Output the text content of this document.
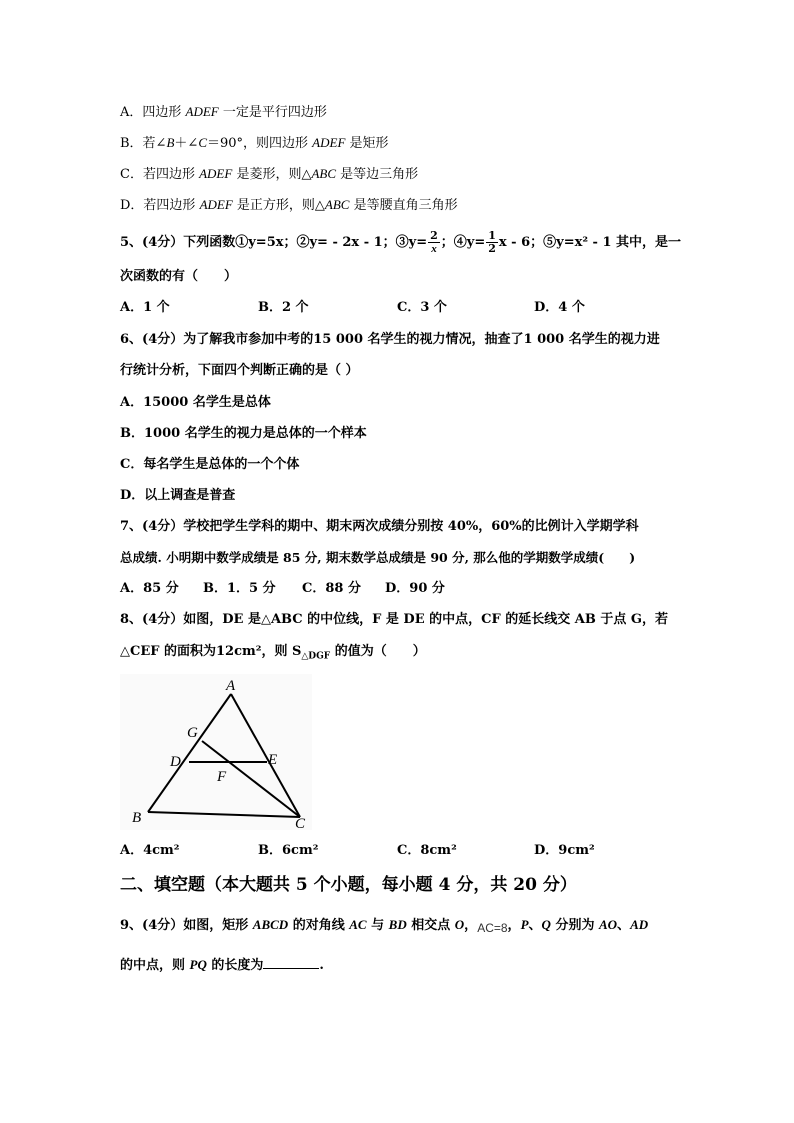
A．四边形 ADEF 一定是平行四边形
B．若∠B＋∠C＝90°，则四边形 ADEF 是矩形
C．若四边形 ADEF 是菱形，则△ABC 是等边三角形
D．若四边形 ADEF 是正方形，则△ABC 是等腰直角三角形
5、(4分）下列函数①y=5x；②y= - 2x - 1；③y= $\frac{2}{x}$ ；④y= $\frac{1}{2}$ x - 6；⑤y=x² - 1 其中，是一
次函数的有（　　）
A．1 个	B．2 个	C．3 个	D．4 个
6、(4分）为了解我市参加中考的15 000 名学生的视力情况，抽查了1 000 名学生的视力进
行统计分析，下面四个判断正确的是（ ）
A．15000 名学生是总体
B．1000 名学生的视力是总体的一个样本
C．每名学生是总体的一个个体
D．以上调查是普查
7、(4分）学校把学生学科的期中、期末两次成绩分别按 40%，60%的比例计入学期学科
总成绩. 小明期中数学成绩是 85 分, 期末数学总成绩是 90 分, 那么他的学期数学成绩(　　)
A．85 分 B．1．5 分 C．88 分 D．90 分
8、(4分）如图，DE 是△ABC 的中位线，F 是 DE 的中点，CF 的延长线交 AB 于点 G，若
△CEF 的面积为12cm²，则 $S_{\triangle DGF}$ 的值为（　　）
A
G
D	E
F
B	C
A．4cm²	B．6cm²	C．8cm²	D．9cm²
二、填空题（本大题共 5 个小题，每小题 4 分，共 20 分）
9、(4分）如图，矩形 ABCD 的对角线 AC 与 BD 相交点 O，AC=8，P、Q 分别为 AO、AD
的中点，则 PQ 的长度为	.
